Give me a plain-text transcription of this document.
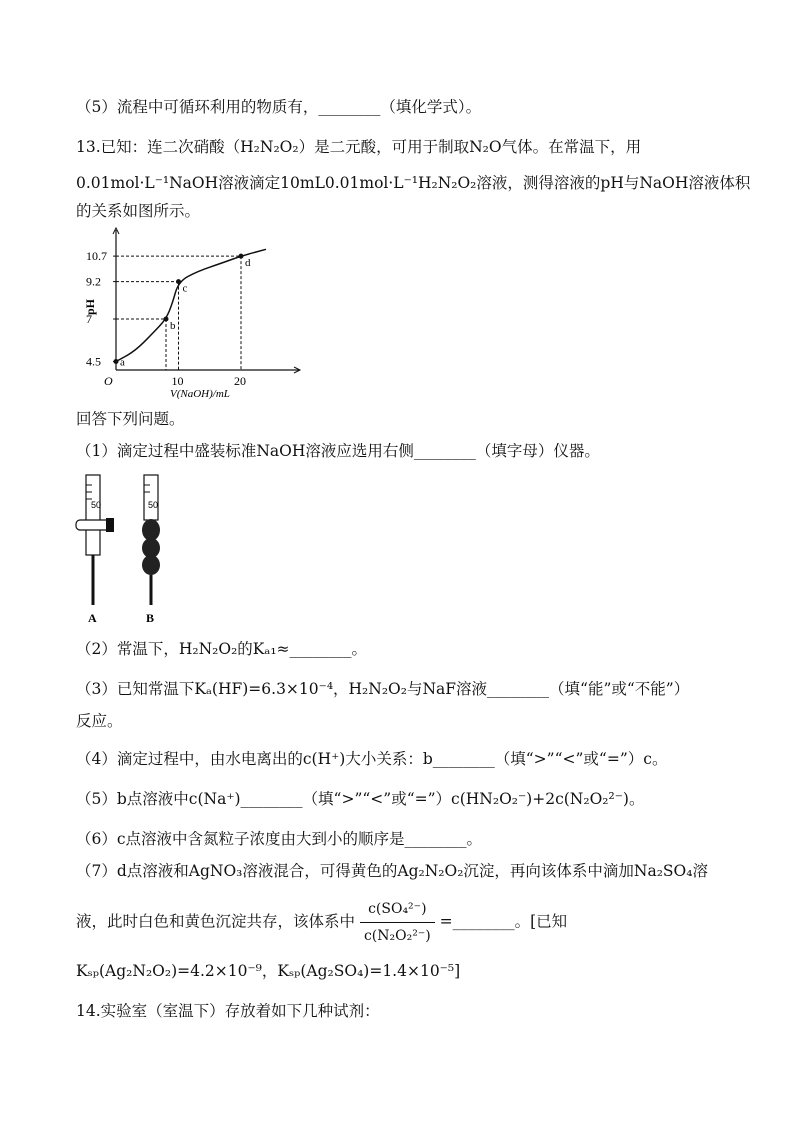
（5）流程中可循环利用的物质有，________（填化学式）。
13.已知：连二次硝酸（H₂N₂O₂）是二元酸，可用于制取N₂O气体。在常温下，用
0.01mol·L⁻¹NaOH溶液滴定10mL0.01mol·L⁻¹H₂N₂O₂溶液，测得溶液的pH与NaOH溶液体积
的关系如图所示。
O	10	20
4.5
7
9.2
10.7
a
b
c
d
V(NaOH)/mL
pH
回答下列问题。
（1）滴定过程中盛装标准NaOH溶液应选用右侧________（填字母）仪器。
50
A
50
B
（2）常温下，H₂N₂O₂的Kₐ₁≈________。
（3）已知常温下Kₐ(HF)=6.3×10⁻⁴，H₂N₂O₂与NaF溶液________（填“能”或“不能”）
反应。
（4）滴定过程中，由水电离出的c(H⁺)大小关系：b________（填“>”“<”或“=”）c。
（5）b点溶液中c(Na⁺)________（填“>”“<”或“=”）c(HN₂O₂⁻)+2c(N₂O₂²⁻)。
（6）c点溶液中含氮粒子浓度由大到小的顺序是________。
（7）d点溶液和AgNO₃溶液混合，可得黄色的Ag₂N₂O₂沉淀，再向该体系中滴加Na₂SO₄溶
液，此时白色和黄色沉淀共存，该体系中 $\frac{\text{c(SO₄²⁻)}}{\text{c(N₂O₂²⁻)}}$ =________。[已知
Kₛₚ(Ag₂N₂O₂)=4.2×10⁻⁹，Kₛₚ(Ag₂SO₄)=1.4×10⁻⁵]
14.实验室（室温下）存放着如下几种试剂：
